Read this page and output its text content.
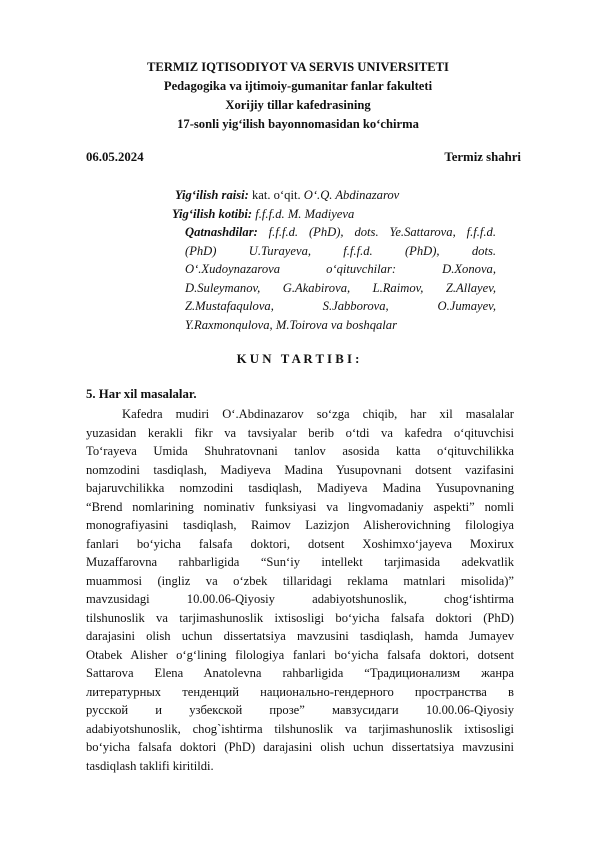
TERMIZ IQTISODIYOT VA SERVIS UNIVERSITETI
Pedagogika va ijtimoiy-gumanitar fanlar fakulteti
Xorijiy tillar kafedrasining
17-sonli yig‘ilish bayonnomasidan ko‘chirma
06.05.2024	Termiz shahri
Yig‘ilish raisi: kat. o‘qit. O‘.Q. Abdinazarov
Yig‘ilish kotibi: f.f.f.d. M. Madiyeva
Qatnashdilar: f.f.f.d. (PhD), dots. Ye.Sattarova, f.f.f.d.
(PhD) U.Turayeva, f.f.f.d. (PhD), dots.
O‘.Xudoynazarova o‘qituvchilar: D.Xonova,
D.Suleymanov, G.Akabirova, L.Raimov, Z.Allayev,
Z.Mustafaqulova, S.Jabborova, O.Jumayev,
Y.Raxmonqulova, M.Toirova va boshqalar
K U N   T A R T I B I :
5. Har xil masalalar.
Kafedra mudiri O‘.Abdinazarov so‘zga chiqib, har xil masalalar
yuzasidan kerakli fikr va tavsiyalar berib o‘tdi va kafedra o‘qituvchisi
To‘rayeva Umida Shuhratovnani tanlov asosida katta o‘qituvchilikka
nomzodini tasdiqlash, Madiyeva Madina Yusupovnani dotsent vazifasini
bajaruvchilikka nomzodini tasdiqlash, Madiyeva Madina Yusupovnaning
“Brend nomlarining nominativ funksiyasi va lingvomadaniy aspekti” nomli
monografiyasini tasdiqlash, Raimov Lazizjon Alisherovichning filologiya
fanlari bo‘yicha falsafa doktori, dotsent Xoshimxo‘jayeva Moxirux
Muzaffarovna rahbarligida “Sun‘iy intellekt tarjimasida adekvatlik
muammosi (ingliz va o‘zbek tillaridagi reklama matnlari misolida)”
mavzusidagi 10.00.06-Qiyosiy adabiyotshunoslik, chog‘ishtirma
tilshunoslik va tarjimashunoslik ixtisosligi bo‘yicha falsafa doktori (PhD)
darajasini olish uchun dissertatsiya mavzusini tasdiqlash, hamda Jumayev
Otabek Alisher o‘g‘lining filologiya fanlari bo‘yicha falsafa doktori, dotsent
Sattarova Elena Anatolevna rahbarligida “Традиционализм жанра
литературных тенденций национально-гендерного пространства в
русской и узбекской прозе” мавзусидаги 10.00.06-Qiyosiy
adabiyotshunoslik, chog`ishtirma tilshunoslik va tarjimashunoslik ixtisosligi
bo‘yicha falsafa doktori (PhD) darajasini olish uchun dissertatsiya mavzusini
tasdiqlash taklifi kiritildi.
